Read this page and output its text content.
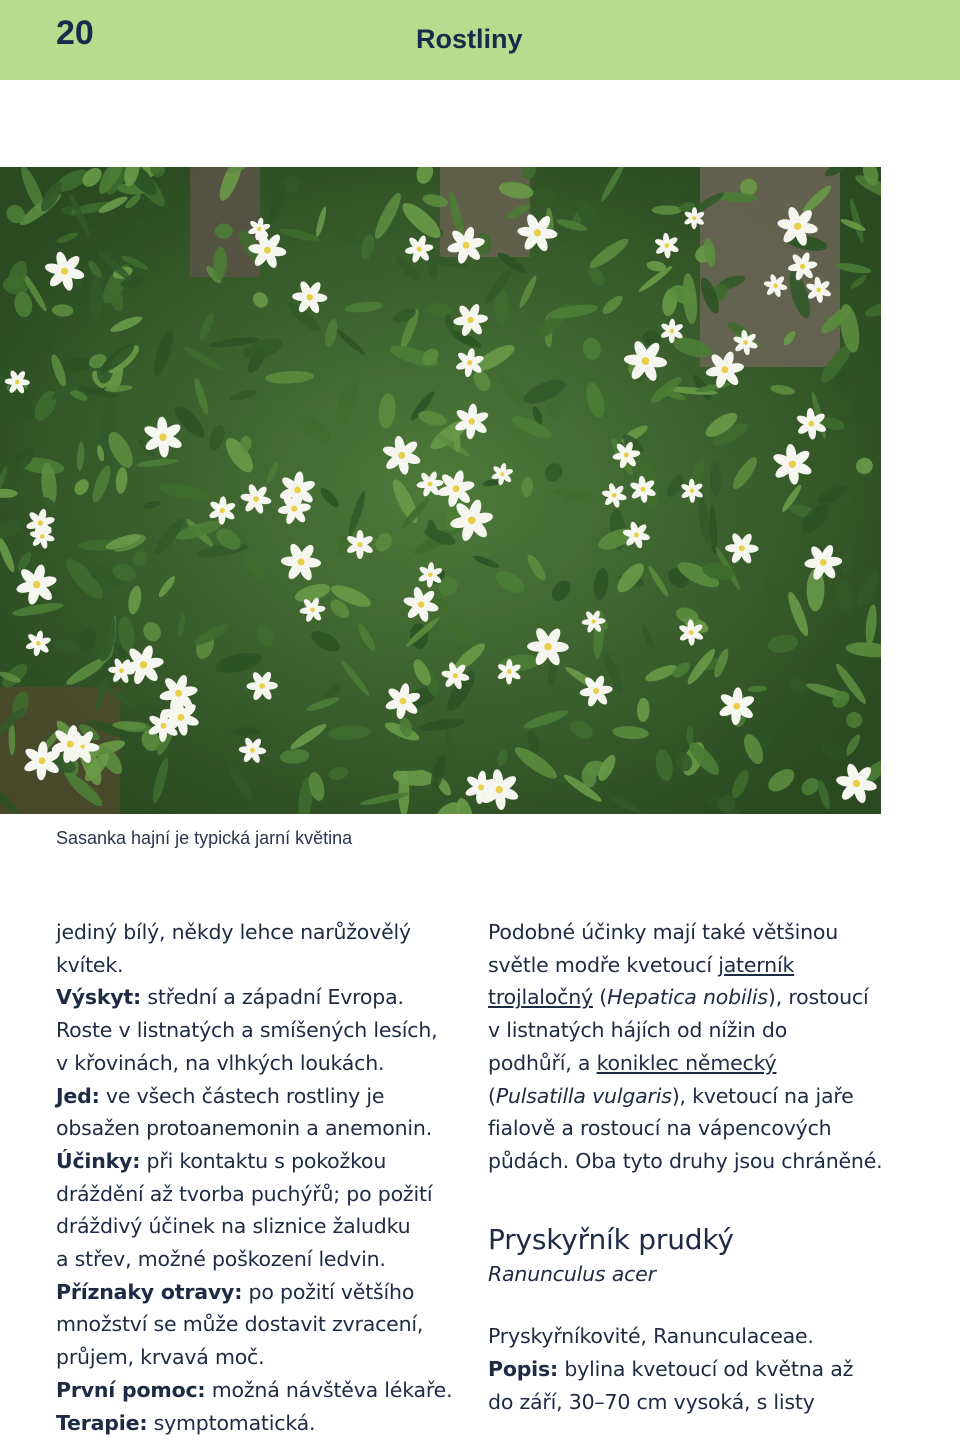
20	Rostliny
Sasanka hajní je typická jarní květina
jediný bílý, někdy lehce narůžovělý
kvítek.
Výskyt: střední a západní Evropa.
Roste v listnatých a smíšených lesích,
v křovinách, na vlhkých loukách.
Jed: ve všech částech rostliny je
obsažen protoanemonin a anemonin.
Účinky: při kontaktu s pokožkou
dráždění až tvorba puchýřů; po požití
dráždivý účinek na sliznice žaludku
a střev, možné poškození ledvin.
Příznaky otravy: po požití většího
množství se může dostavit zvracení,
průjem, krvavá moč.
První pomoc: možná návštěva lékaře.
Terapie: symptomatická.
Podobné účinky mají také většinou
světle modře kvetoucí jaterník
trojlaločný (Hepatica nobilis), rostoucí
v listnatých hájích od nížin do
podhůří, a koniklec německý
(Pulsatilla vulgaris), kvetoucí na jaře
fialově a rostoucí na vápencových
půdách. Oba tyto druhy jsou chráněné.
Pryskyřník prudký
Ranunculus acer
Pryskyřníkovité, Ranunculaceae.
Popis: bylina kvetoucí od května až
do září, 30–70 cm vysoká, s listy
